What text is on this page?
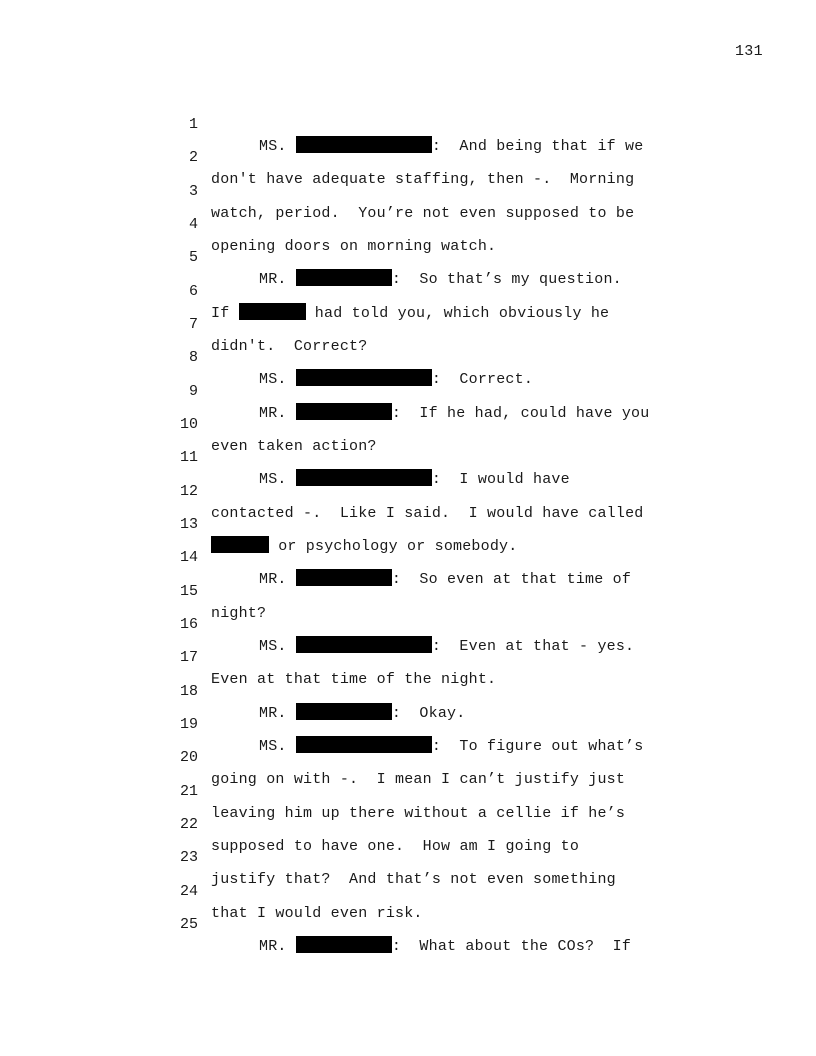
131

1

MS.	:  And being that if we

2

don't have adequate staffing, then -.  Morning

3

watch, period.  You’re not even supposed to be

4

opening doors on morning watch.

5

MR.	:  So that’s my question.

6

If	had told you, which obviously he

7

didn't.  Correct?

8

MS.	:  Correct.

9

MR.	:  If he had, could have you

10

even taken action?

11

MS.	:  I would have

12

contacted -.  Like I said.  I would have called

13

or psychology or somebody.

14

MR.	:  So even at that time of

15

night?

16

MS.	:  Even at that - yes.

17

Even at that time of the night.

18

MR.	:  Okay.

19

MS.	:  To figure out what’s

20

going on with -.  I mean I can’t justify just

21

leaving him up there without a cellie if he’s

22

supposed to have one.  How am I going to

23

justify that?  And that’s not even something

24

that I would even risk.

25

MR.	:  What about the COs?  If
